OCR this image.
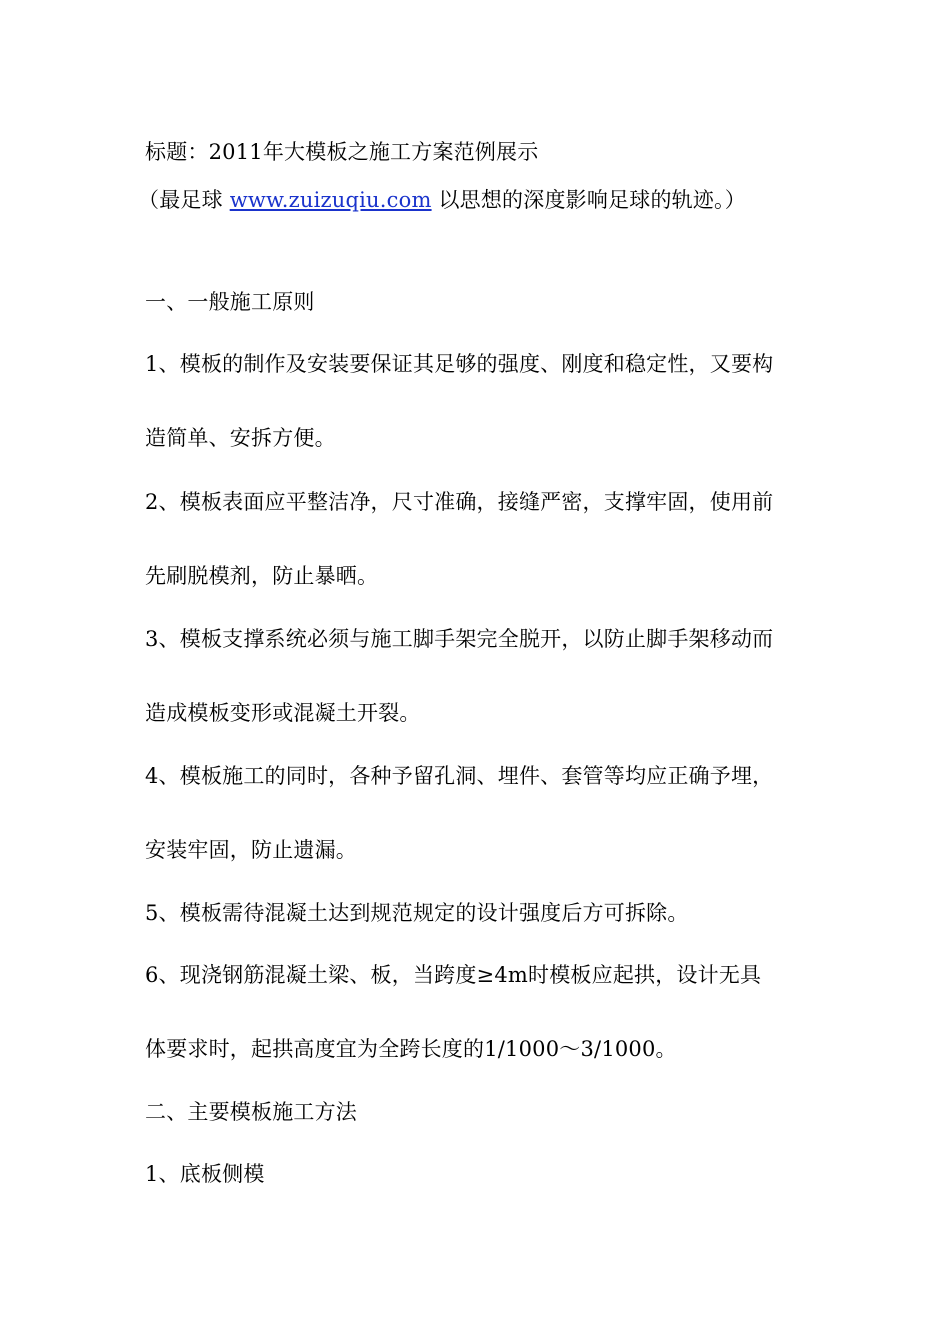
标题：2011年大模板之施工方案范例展示
（最足球 www.zuizuqiu.com 以思想的深度影响足球的轨迹。）
一、一般施工原则
1、模板的制作及安装要保证其足够的强度、刚度和稳定性，又要构
造简单、安拆方便。
2、模板表面应平整洁净，尺寸准确，接缝严密，支撑牢固，使用前
先刷脱模剂，防止暴晒。
3、模板支撑系统必须与施工脚手架完全脱开，以防止脚手架移动而
造成模板变形或混凝土开裂。
4、模板施工的同时，各种予留孔洞、埋件、套管等均应正确予埋，
安装牢固，防止遗漏。
5、模板需待混凝土达到规范规定的设计强度后方可拆除。
6、现浇钢筋混凝土梁、板，当跨度≥4m时模板应起拱，设计无具
体要求时，起拱高度宜为全跨长度的1/1000～3/1000。
二、主要模板施工方法
1、底板侧模
